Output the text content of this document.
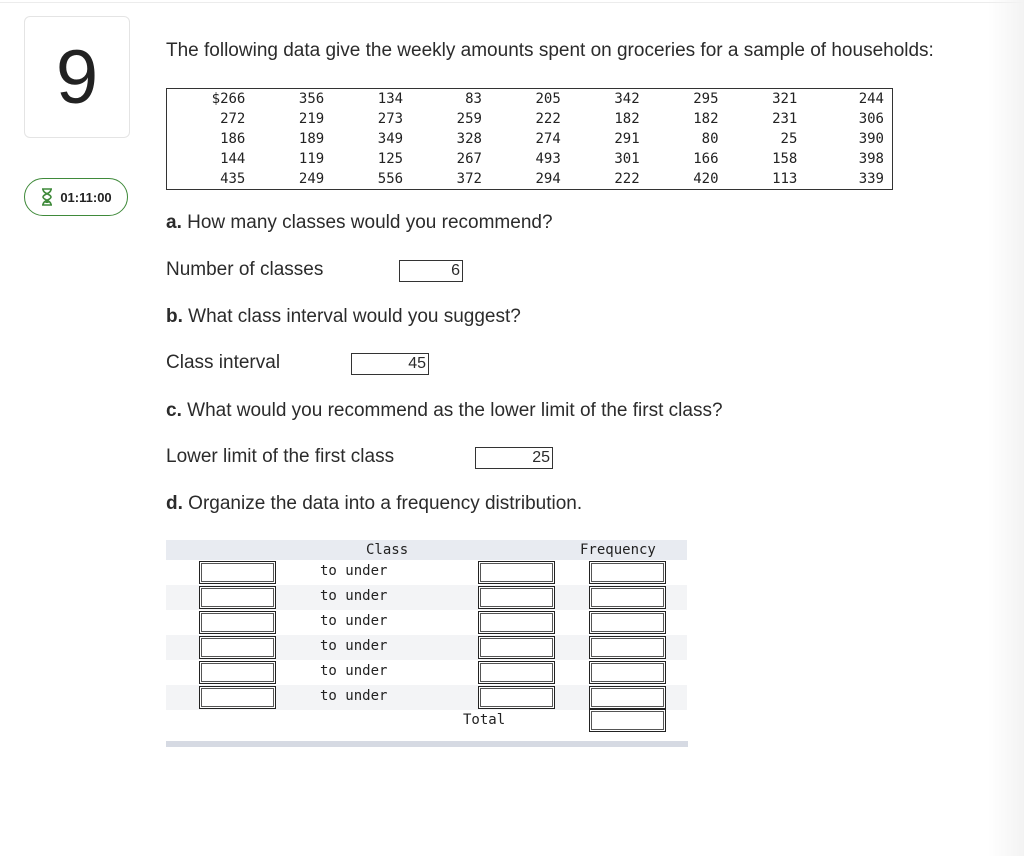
9
01:11:00
The following data give the weekly amounts spent on groceries for a sample of households:
$266	356	134	83	205	342	295	321	244
272	219	273	259	222	182	182	231	306
186	189	349	328	274	291	80	25	390
144	119	125	267	493	301	166	158	398
435	249	556	372	294	222	420	113	339
a. How many classes would you recommend?
Number of classes	6
b. What class interval would you suggest?
Class interval	45
c. What would you recommend as the lower limit of the first class?
Lower limit of the first class	25
d. Organize the data into a frequency distribution.
Class	Frequency
to under
to under
to under
to under
to under
to under
Total
